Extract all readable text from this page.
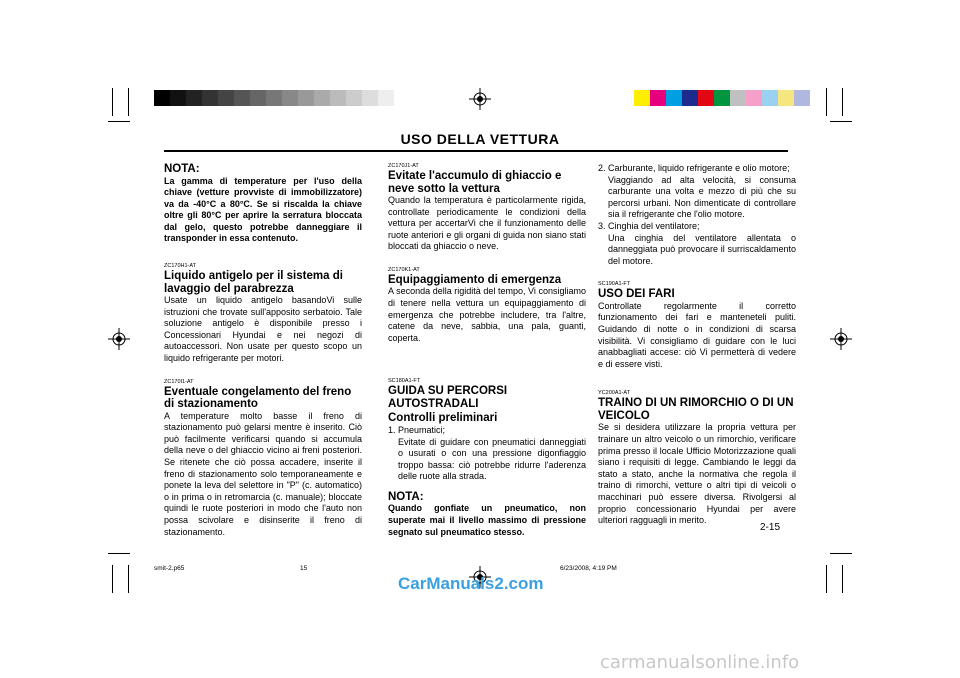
USO DELLA VETTURA
NOTA:

La gamma di temperature per l'uso della chiave (vetture provviste di immobilizzatore) va da -40°C a 80°C. Se si riscalda la chiave oltre gli 80°C per aprire la serratura bloccata dal gelo, questo potrebbe danneggiare il transponder in essa contenuto.

ZC170H1-AT
Liquido antigelo per il sistema di lavaggio del parabrezza

Usate un liquido antigelo basandoVi sulle istruzioni che trovate sull'apposito serbatoio. Tale soluzione antigelo è disponibile presso i Concessionari Hyundai e nei negozi di autoaccessori. Non usate per questo scopo un liquido refrigerante per motori.

ZC170I1-AT
Eventuale congelamento del freno di stazionamento

A temperature molto basse il freno di stazionamento può gelarsi mentre è inserito. Ciò può facilmente verificarsi quando si accumula della neve o del ghiaccio vicino ai freni posteriori. Se ritenete che ciò possa accadere, inserite il freno di stazionamento solo temporaneamente e ponete la leva del selettore in "P" (c. automatico) o in prima o in retromarcia (c. manuale); bloccate quindi le ruote posteriori in modo che l'auto non possa scivolare e disinserite il freno di stazionamento.

ZC170J1-AT
Evitate l'accumulo di ghiaccio e neve sotto la vettura

Quando la temperatura è particolarmente rigida, controllate periodicamente le condizioni della vettura per accertarVi che il funzionamento delle ruote anteriori e gli organi di guida non siano stati bloccati da ghiaccio o neve.

ZC170K1-AT
Equipaggiamento di emergenza

A seconda della rigidità del tempo, Vi consigliamo di tenere nella vettura un equipaggiamento di emergenza che potrebbe includere, tra l'altre, catene da neve, sabbia, una pala, guanti, coperta.

SC180A1-FT
GUIDA SU PERCORSI AUTOSTRADALI
Controlli preliminari
1. Pneumatici;
Evitate di guidare con pneumatici danneggiati o usurati o con una pressione digonfiaggio troppo bassa: ciò potrebbe ridurre l'aderenza delle ruote alla strada.
NOTA:

Quando gonfiate un pneumatico, non superate mai il livello massimo di pressione segnato sul pneumatico stesso.

2. Carburante, liquido refrigerante e olio motore;
Viaggiando ad alta velocità, si consuma carburante una volta e mezzo di più che su percorsi urbani. Non dimenticate di controllare sia il refrigerante che l'olio motore.
3. Cinghia del ventilatore;
Una cinghia del ventilatore allentata o danneggiata può provocare il surriscaldamento del motore.
SC190A1-FT
USO DEI FARI

Controllate regolarmente il corretto funzionamento dei fari e manteneteli puliti. Guidando di notte o in condizioni di scarsa visibilità. Vi consigliamo di guidare con le luci anabbagliati accese: ciò Vi permetterà di vedere e di essere visti.

YC200A1-AT
TRAINO DI UN RIMORCHIO O DI UN VEICOLO

Se si desidera utilizzare la propria vettura per trainare un altro veicolo o un rimorchio, verificare prima presso il locale Ufficio Motorizzazione quali siano i requisiti di legge. Cambiando le leggi da stato a stato, anche la normativa che regola il traino di rimorchi, vetture o altri tipi di veicoli o macchinari può essere diversa. Rivolgersi al proprio concessionario Hyundai per avere ulteriori ragguagli in merito.

2-15
smit-2.p65	15	6/23/2008, 4:19 PM
CarManuals2.com
carmanualsonline.info
